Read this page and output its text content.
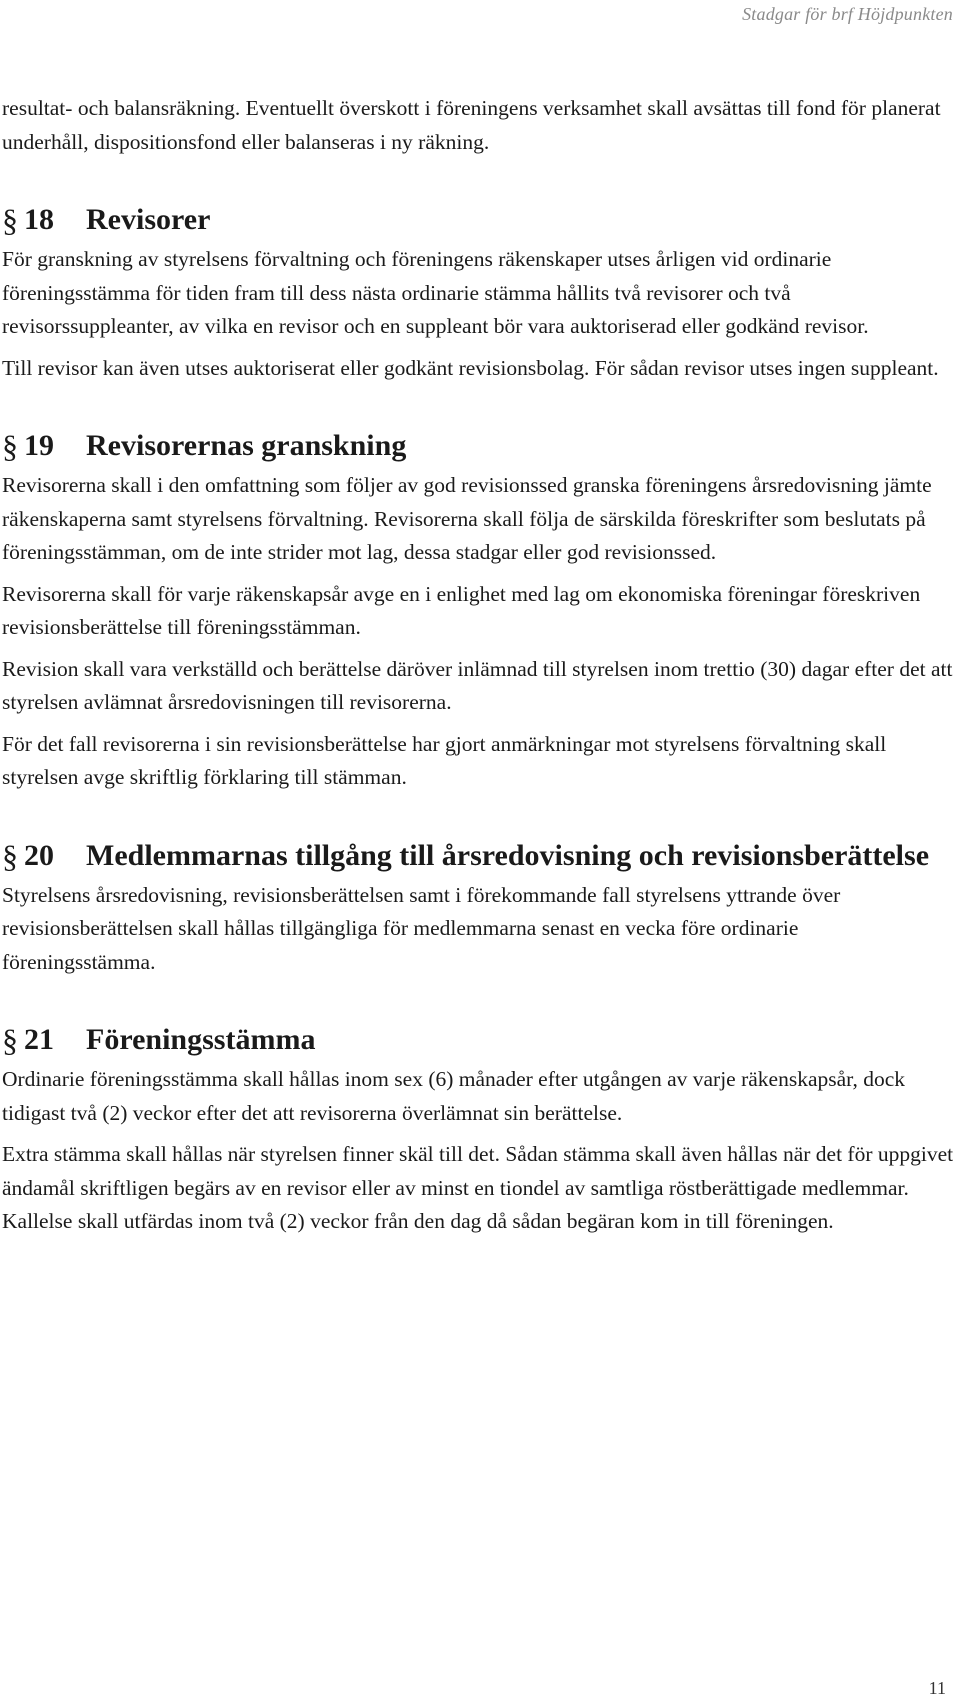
Stadgar för brf Höjdpunkten

resultat- och balansräkning. Eventuellt överskott i föreningens verksamhet skall avsättas till fond för planerat underhåll, dispositionsfond eller balanseras i ny räkning.

§ 18	Revisorer

För granskning av styrelsens förvaltning och föreningens räkenskaper utses årligen vid ordinarie föreningsstämma för tiden fram till dess nästa ordinarie stämma hållits två revisorer och två revisorssuppleanter, av vilka en revisor och en suppleant bör vara auktoriserad eller godkänd revisor.

Till revisor kan även utses auktoriserat eller godkänt revisionsbolag. För sådan revisor utses ingen suppleant.

§ 19	Revisorernas granskning

Revisorerna skall i den omfattning som följer av god revisionssed granska föreningens årsredovisning jämte räkenskaperna samt styrelsens förvaltning. Revisorerna skall följa de särskilda föreskrifter som beslutats på föreningsstämman, om de inte strider mot lag, dessa stadgar eller god revisionssed.

Revisorerna skall för varje räkenskapsår avge en i enlighet med lag om ekonomiska föreningar föreskriven revisionsberättelse till föreningsstämman.

Revision skall vara verkställd och berättelse däröver inlämnad till styrelsen inom trettio (30) dagar efter det att styrelsen avlämnat årsredovisningen till revisorerna.

För det fall revisorerna i sin revisionsberättelse har gjort anmärkningar mot styrelsens förvaltning skall styrelsen avge skriftlig förklaring till stämman.

§ 20	Medlemmarnas tillgång till årsredovisning och revisionsberättelse

Styrelsens årsredovisning, revisionsberättelsen samt i förekommande fall styrelsens yttrande över revisionsberättelsen skall hållas tillgängliga för medlemmarna senast en vecka före ordinarie föreningsstämma.

§ 21	Föreningsstämma

Ordinarie föreningsstämma skall hållas inom sex (6) månader efter utgången av varje räkenskapsår, dock tidigast två (2) veckor efter det att revisorerna överlämnat sin berättelse.

Extra stämma skall hållas när styrelsen finner skäl till det. Sådan stämma skall även hållas när det för uppgivet ändamål skriftligen begärs av en revisor eller av minst en tiondel av samtliga röstberättigade medlemmar. Kallelse skall utfärdas inom två (2) veckor från den dag då sådan begäran kom in till föreningen.

11
